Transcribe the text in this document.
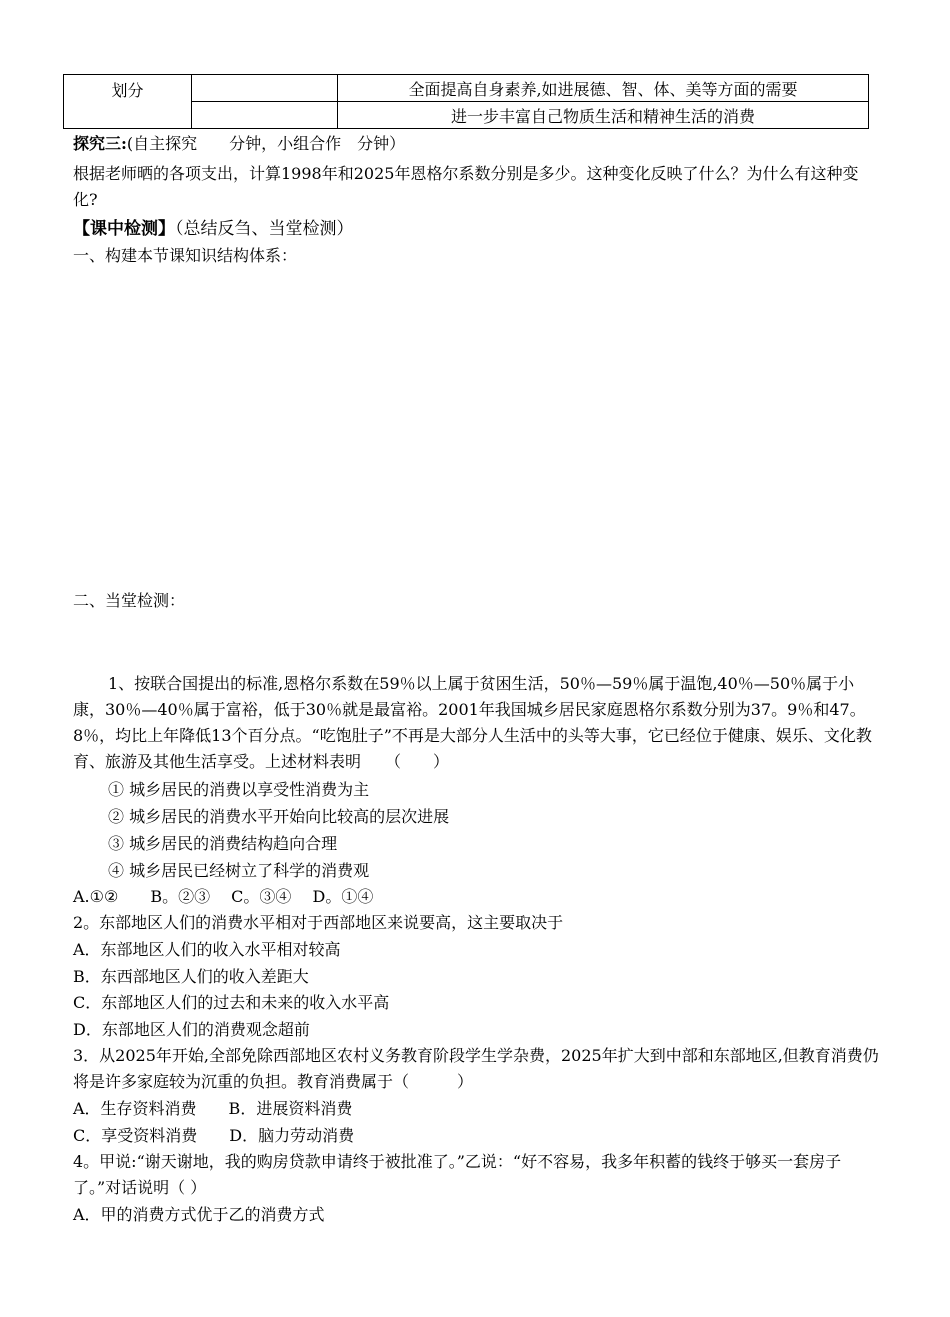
划分		全面提高自身素养,如进展德、智、体、美等方面的需要
		进一步丰富自己物质生活和精神生活的消费
探究三:(自主探究　　分钟，小组合作　分钟）
根据老师晒的各项支出，计算1998年和2025年恩格尔系数分别是多少。这种变化反映了什么？为什么有这种变化?
【课中检测】（总结反刍、当堂检测）
一、构建本节课知识结构体系：
二、当堂检测：
1、按联合国提出的标准,恩格尔系数在59％以上属于贫困生活，50％—59％属于温饱,40％—50％属于小康，30％—40％属于富裕，低于30％就是最富裕。2001年我国城乡居民家庭恩格尔系数分别为37。9％和47。8％，均比上年降低13个百分点。“吃饱肚子”不再是大部分人生活中的头等大事，它已经位于健康、娱乐、文化教育、旅游及其他生活享受。上述材料表明　　（　　）
① 城乡居民的消费以享受性消费为主
② 城乡居民的消费水平开始向比较高的层次进展
③ 城乡居民的消费结构趋向合理
④ 城乡居民已经树立了科学的消费观
A.①②　　B。②③　 C。③④　 D。①④
2。东部地区人们的消费水平相对于西部地区来说要高，这主要取决于
A．东部地区人们的收入水平相对较高
B．东西部地区人们的收入差距大
C．东部地区人们的过去和未来的收入水平高
D．东部地区人们的消费观念超前
3．从2025年开始,全部免除西部地区农村义务教育阶段学生学杂费，2025年扩大到中部和东部地区,但教育消费仍将是许多家庭较为沉重的负担。教育消费属于（　　　）
A．生存资料消费　　B．进展资料消费
C．享受资料消费　　D．脑力劳动消费
4。甲说:“谢天谢地，我的购房贷款申请终于被批准了。”乙说：“好不容易，我多年积蓄的钱终于够买一套房子了。”对话说明（ ）
A．甲的消费方式优于乙的消费方式
